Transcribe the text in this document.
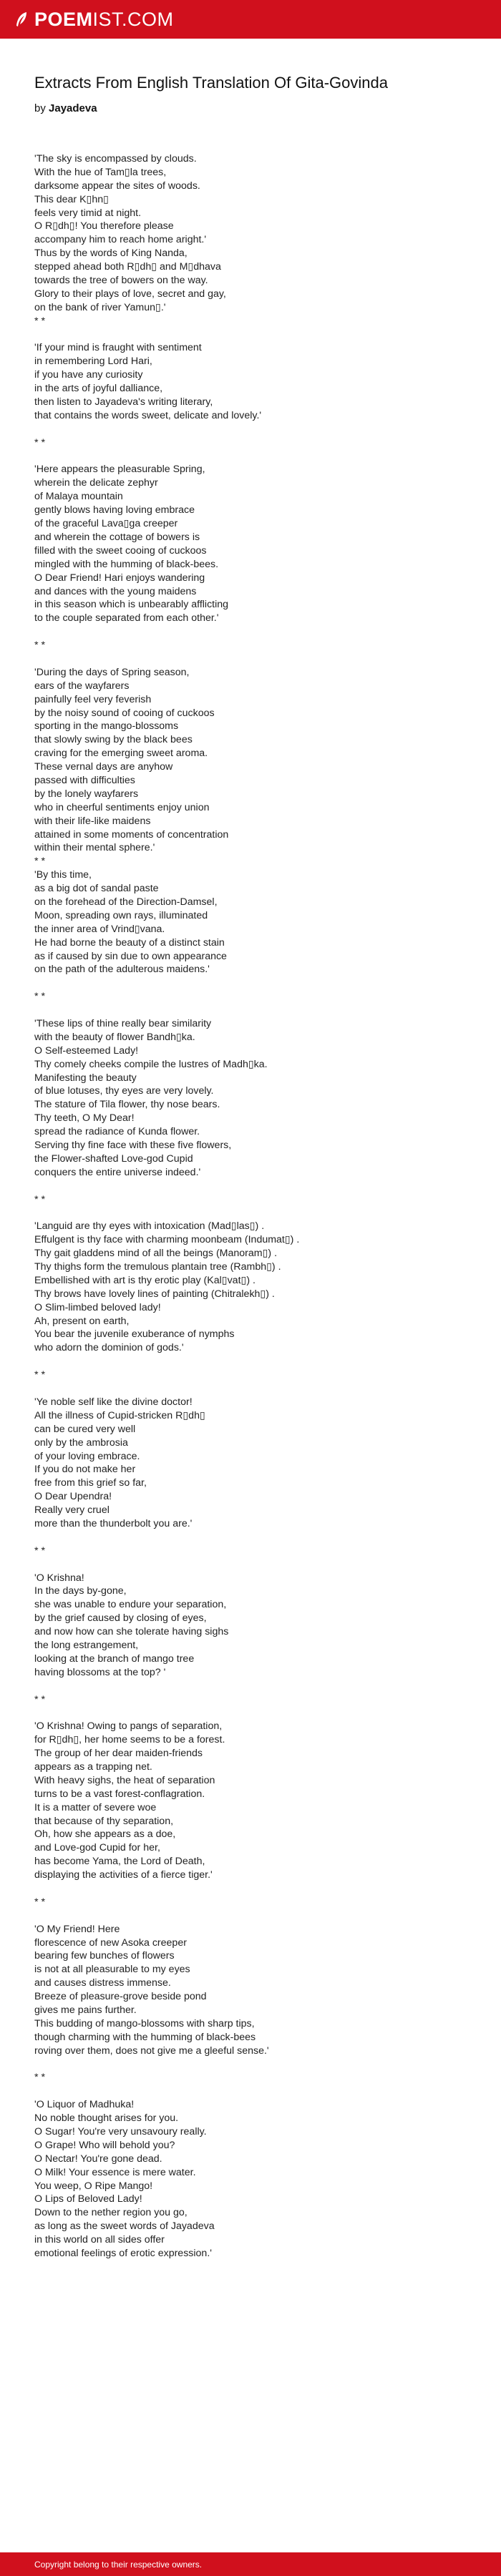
POEMIST.COM
Extracts From English Translation Of Gita-Govinda
by Jayadeva
'The sky is encompassed by clouds.
With the hue of Tam▯la trees,
darksome appear the sites of woods.
This dear K▯hn▯
feels very timid at night.
O R▯dh▯! You therefore please
accompany him to reach home aright.'
Thus by the words of King Nanda,
stepped ahead both R▯dh▯ and M▯dhava
towards the tree of bowers on the way.
Glory to their plays of love, secret and gay,
on the bank of river Yamun▯.'
* *
'If your mind is fraught with sentiment
in remembering Lord Hari,
if you have any curiosity
in the arts of joyful dalliance,
then listen to Jayadeva's writing literary,
that contains the words sweet, delicate and lovely.'
* *
'Here appears the pleasurable Spring,
wherein the delicate zephyr
of Malaya mountain
gently blows having loving embrace
of the graceful Lava▯ga creeper
and wherein the cottage of bowers is
filled with the sweet cooing of cuckoos
mingled with the humming of black-bees.
O Dear Friend! Hari enjoys wandering
and dances with the young maidens
in this season which is unbearably afflicting
to the couple separated from each other.'
* *
'During the days of Spring season,
ears of the wayfarers
painfully feel very feverish
by the noisy sound of cooing of cuckoos
sporting in the mango-blossoms
that slowly swing by the black bees
craving for the emerging sweet aroma.
These vernal days are anyhow
passed with difficulties
by the lonely wayfarers
who in cheerful sentiments enjoy union
with their life-like maidens
attained in some moments of concentration
within their mental sphere.'
* *
'By this time,
as a big dot of sandal paste
on the forehead of the Direction-Damsel,
Moon, spreading own rays, illuminated
the inner area of Vrind▯vana.
He had borne the beauty of a distinct stain
as if caused by sin due to own appearance
on the path of the adulterous maidens.'
* *
'These lips of thine really bear similarity
with the beauty of flower Bandh▯ka.
O Self-esteemed Lady!
Thy comely cheeks compile the lustres of Madh▯ka.
Manifesting the beauty
of blue lotuses, thy eyes are very lovely.
The stature of Tila flower, thy nose bears.
Thy teeth, O My Dear!
spread the radiance of Kunda flower.
Serving thy fine face with these five flowers,
the Flower-shafted Love-god Cupid
conquers the entire universe indeed.'
* *
'Languid are thy eyes with intoxication (Mad▯las▯) .
Effulgent is thy face with charming moonbeam (Indumat▯) .
Thy gait gladdens mind of all the beings (Manoram▯) .
Thy thighs form the tremulous plantain tree (Rambh▯) .
Embellished with art is thy erotic play (Kal▯vat▯) .
Thy brows have lovely lines of painting (Chitralekh▯) .
O Slim-limbed beloved lady!
Ah, present on earth,
You bear the juvenile exuberance of nymphs
who adorn the dominion of gods.'
* *
'Ye noble self like the divine doctor!
All the illness of Cupid-stricken R▯dh▯
can be cured very well
only by the ambrosia
of your loving embrace.
If you do not make her
free from this grief so far,
O Dear Upendra!
Really very cruel
more than the thunderbolt you are.'
* *
'O Krishna!
In the days by-gone,
she was unable to endure your separation,
by the grief caused by closing of eyes,
and now how can she tolerate having sighs
the long estrangement,
looking at the branch of mango tree
having blossoms at the top? '
* *
'O Krishna! Owing to pangs of separation,
for R▯dh▯, her home seems to be a forest.
The group of her dear maiden-friends
appears as a trapping net.
With heavy sighs, the heat of separation
turns to be a vast forest-conflagration.
It is a matter of severe woe
that because of thy separation,
Oh, how she appears as a doe,
and Love-god Cupid for her,
has become Yama, the Lord of Death,
displaying the activities of a fierce tiger.'
* *
'O My Friend! Here
florescence of new Asoka creeper
bearing few bunches of flowers
is not at all pleasurable to my eyes
and causes distress immense.
Breeze of pleasure-grove beside pond
gives me pains further.
This budding of mango-blossoms with sharp tips,
though charming with the humming of black-bees
roving over them, does not give me a gleeful sense.'
* *
'O Liquor of Madhuka!
No noble thought arises for you.
O Sugar! You're very unsavoury really.
O Grape! Who will behold you?
O Nectar! You're gone dead.
O Milk! Your essence is mere water.
You weep, O Ripe Mango!
O Lips of Beloved Lady!
Down to the nether region you go,
as long as the sweet words of Jayadeva
in this world on all sides offer
emotional feelings of erotic expression.'
Copyright belong to their respective owners.
